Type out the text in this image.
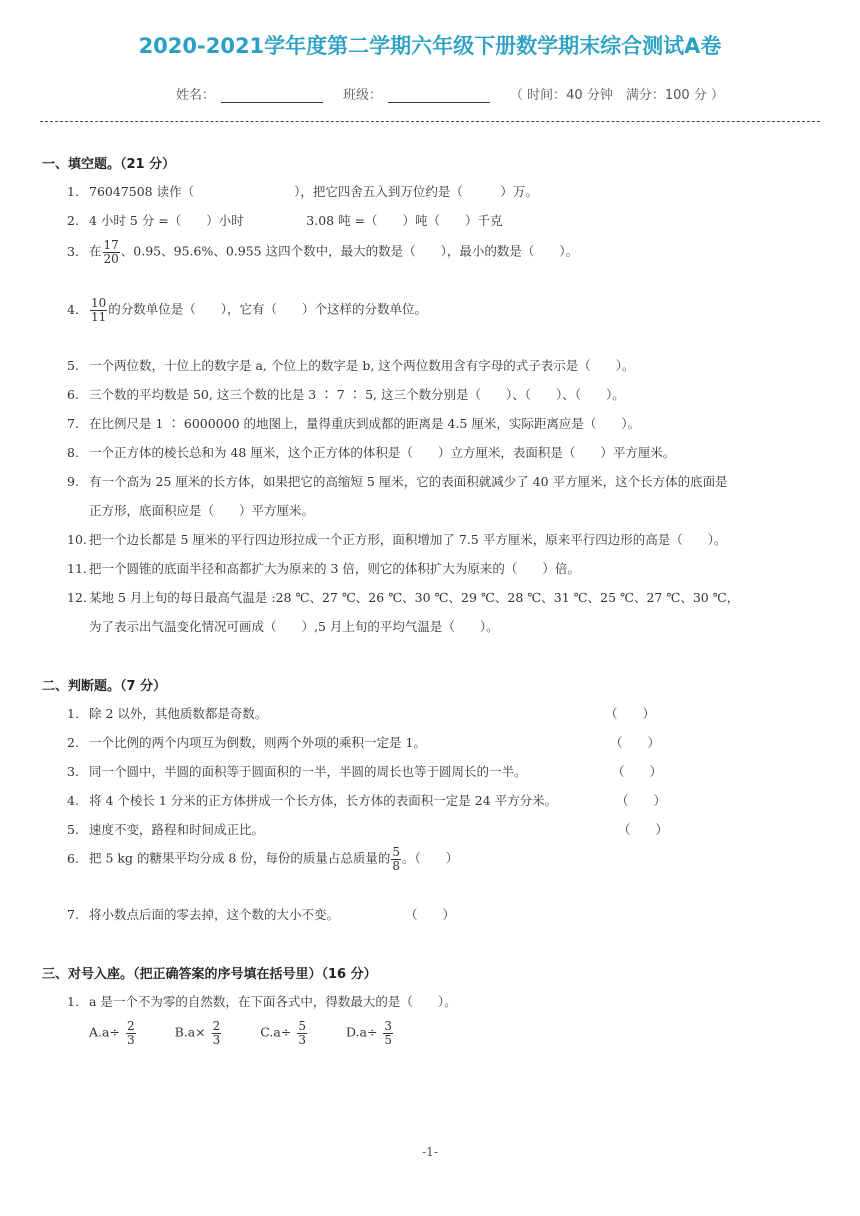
2020-2021学年度第二学期六年级下册数学期末综合测试A卷
姓名：	班级：	（ 时间：40 分钟　满分：100 分 ）
一、填空题。（21 分）
1. 76047508 读作（　　　　　　　　），把它四舍五入到万位约是（　　　）万。
2. 4 小时 5 分 =（　　）小时　　　　　3.08 吨 =（　　）吨（　　）千克
3. 在 $\frac{17}{20}$ 、0.95、95.6%、0.955 这四个数中，最大的数是（　　），最小的数是（　　）。
4. $\frac{10}{11}$ 的分数单位是（　　），它有（　　）个这样的分数单位。
5. 一个两位数，十位上的数字是 a, 个位上的数字是 b, 这个两位数用含有字母的式子表示是（　　）。
6. 三个数的平均数是 50, 这三个数的比是 3 ∶ 7 ∶ 5, 这三个数分别是（　　）、（　　）、（　　）。
7. 在比例尺是 1 ∶ 6000000 的地图上，量得重庆到成都的距离是 4.5 厘米，实际距离应是（　　）。
8. 一个正方体的棱长总和为 48 厘米，这个正方体的体积是（　　）立方厘米，表面积是（　　）平方厘米。
9. 有一个高为 25 厘米的长方体，如果把它的高缩短 5 厘米，它的表面积就减少了 40 平方厘米，这个长方体的底面是
正方形，底面积应是（　　）平方厘米。
10. 把一个边长都是 5 厘米的平行四边形拉成一个正方形，面积增加了 7.5 平方厘米，原来平行四边形的高是（　　）。
11. 把一个圆锥的底面半径和高都扩大为原来的 3 倍，则它的体积扩大为原来的（　　）倍。
12. 某地 5 月上旬的每日最高气温是 :28 ℃、27 ℃、26 ℃、30 ℃、29 ℃、28 ℃、31 ℃、25 ℃、27 ℃、30 ℃，
为了表示出气温变化情况可画成（　　）,5 月上旬的平均气温是（　　）。
二、判断题。（7 分）
1. 除 2 以外，其他质数都是奇数。	（　　）
2. 一个比例的两个内项互为倒数，则两个外项的乘积一定是 1。	（　　）
3. 同一个圆中，半圆的面积等于圆面积的一半，半圆的周长也等于圆周长的一半。	（　　）
4. 将 4 个棱长 1 分米的正方体拼成一个长方体，长方体的表面积一定是 24 平方分米。	（　　）
5. 速度不变，路程和时间成正比。	（　　）
6. 把 5 kg 的糖果平均分成 8 份，每份的质量占总质量的 $\frac{5}{8}$ 。（　　）
7. 将小数点后面的零去掉，这个数的大小不变。	（　　）
三、对号入座。（把正确答案的序号填在括号里）（16 分）
1. a 是一个不为零的自然数，在下面各式中，得数最大的是（　　）。
$A.a\div \frac{2}{3}$	$B.a\times \frac{2}{3}$	$C.a\div \frac{5}{3}$	$D.a\div \frac{3}{5}$
-1-
